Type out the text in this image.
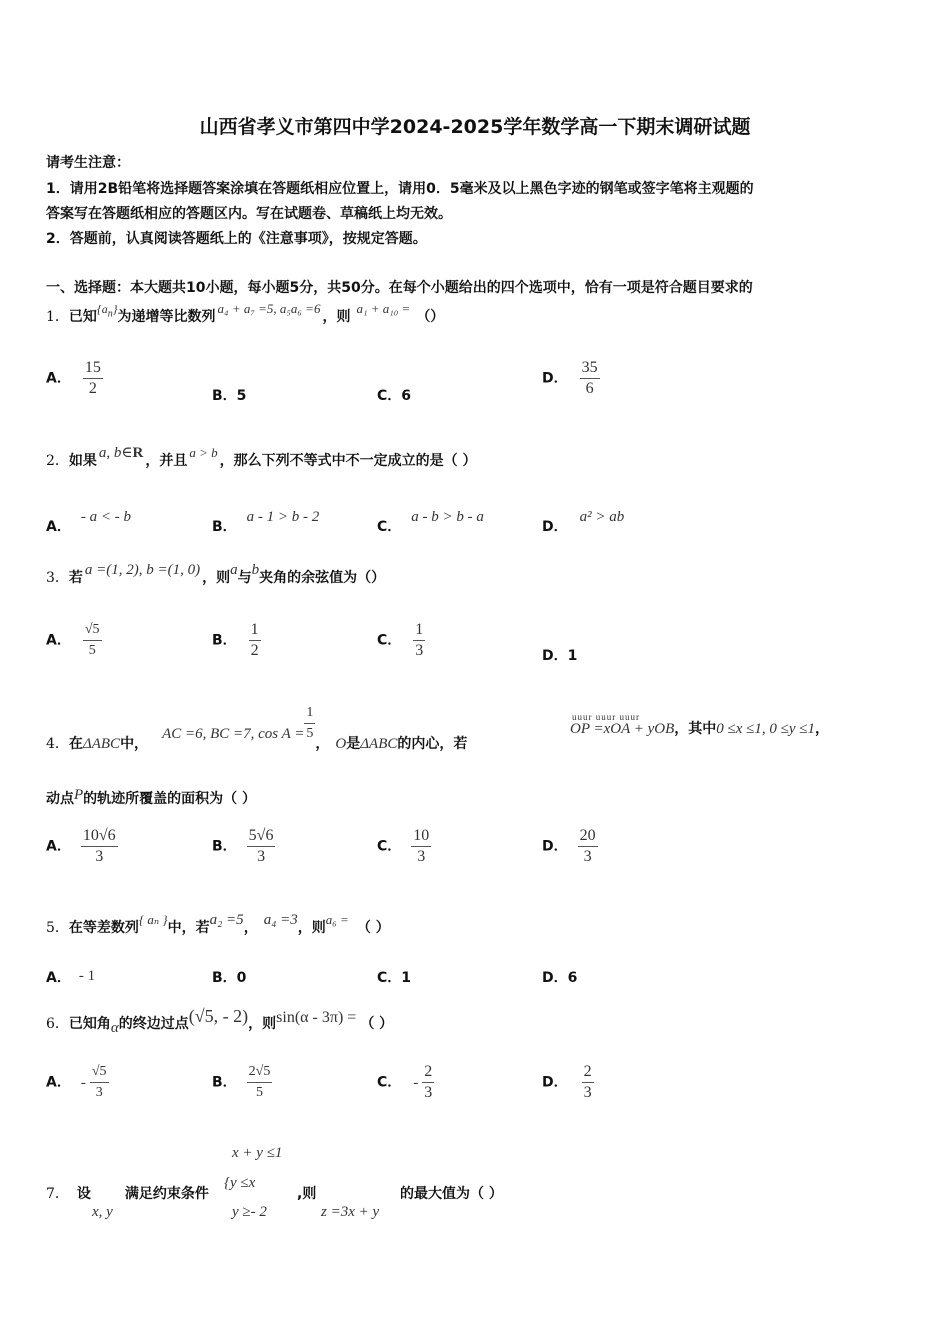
山西省孝义市第四中学2024-2025学年数学高一下期末调研试题
请考生注意：
1．请用2B铅笔将选择题答案涂填在答题纸相应位置上，请用0．5毫米及以上黑色字迹的钢笔或签字笔将主观题的
答案写在答题纸相应的答题区内。写在试题卷、草稿纸上均无效。
2．答题前，认真阅读答题纸上的《注意事项》，按规定答题。
一、选择题：本大题共10小题，每小题5分，共50分。在每个小题给出的四个选项中，恰有一项是符合题目要求的
1．已知$\{a_n\}$为递增等比数列a₄ + a₇ =5, a₅a₆ =6，则a₁ + a₁₀ =（）
A． $\frac{15}{2}$	B．5	C．6
D． $\frac{35}{6}$
2．如果 a, b∈R ，并且a > b，那么下列不等式中不一定成立的是（ ）
A．- a < - b
B．a - 1 > b - 2
C．a - b > b - a
D．a² > ab
3．若 a =(1, 2), b =(1, 0) ，则a与b夹角的余弦值为（）
A． $\frac{√5}{5}$	B． $\frac{1}{2}$	C． $\frac{1}{3}$	D．1
4．在ΔABC中，AC =6, BC =7, $\cos A = \frac{1}{5}$ ， O是ΔABC的内心，若
uuur uuur uuur
OP =xOA + yOB，其中0 ≤x ≤1, 0 ≤y ≤1，
动点P的轨迹所覆盖的面积为（ ）
A． $\frac{10√6}{3}$	B． $\frac{5√6}{3}$	C． $\frac{10}{3}$	D． $\frac{20}{3}$
5．在等差数列{ aₙ }中，若a₂ =5， a₄ =3，则a₆ =（ ）
A． - 1	B．0	C．1	D．6
6．已知角α的终边过点(√5, - 2)，则sin(α - 3π) = （ ）
A． - $\frac{√5}{3}$	B． $\frac{2√5}{5}$	C． - $\frac{2}{3}$	D． $\frac{2}{3}$
x + y ≤1
7． 设 满足约束条件
{y ≤x
,则	的最大值为（ ）
x, y	y ≥- 2	z =3x + y
